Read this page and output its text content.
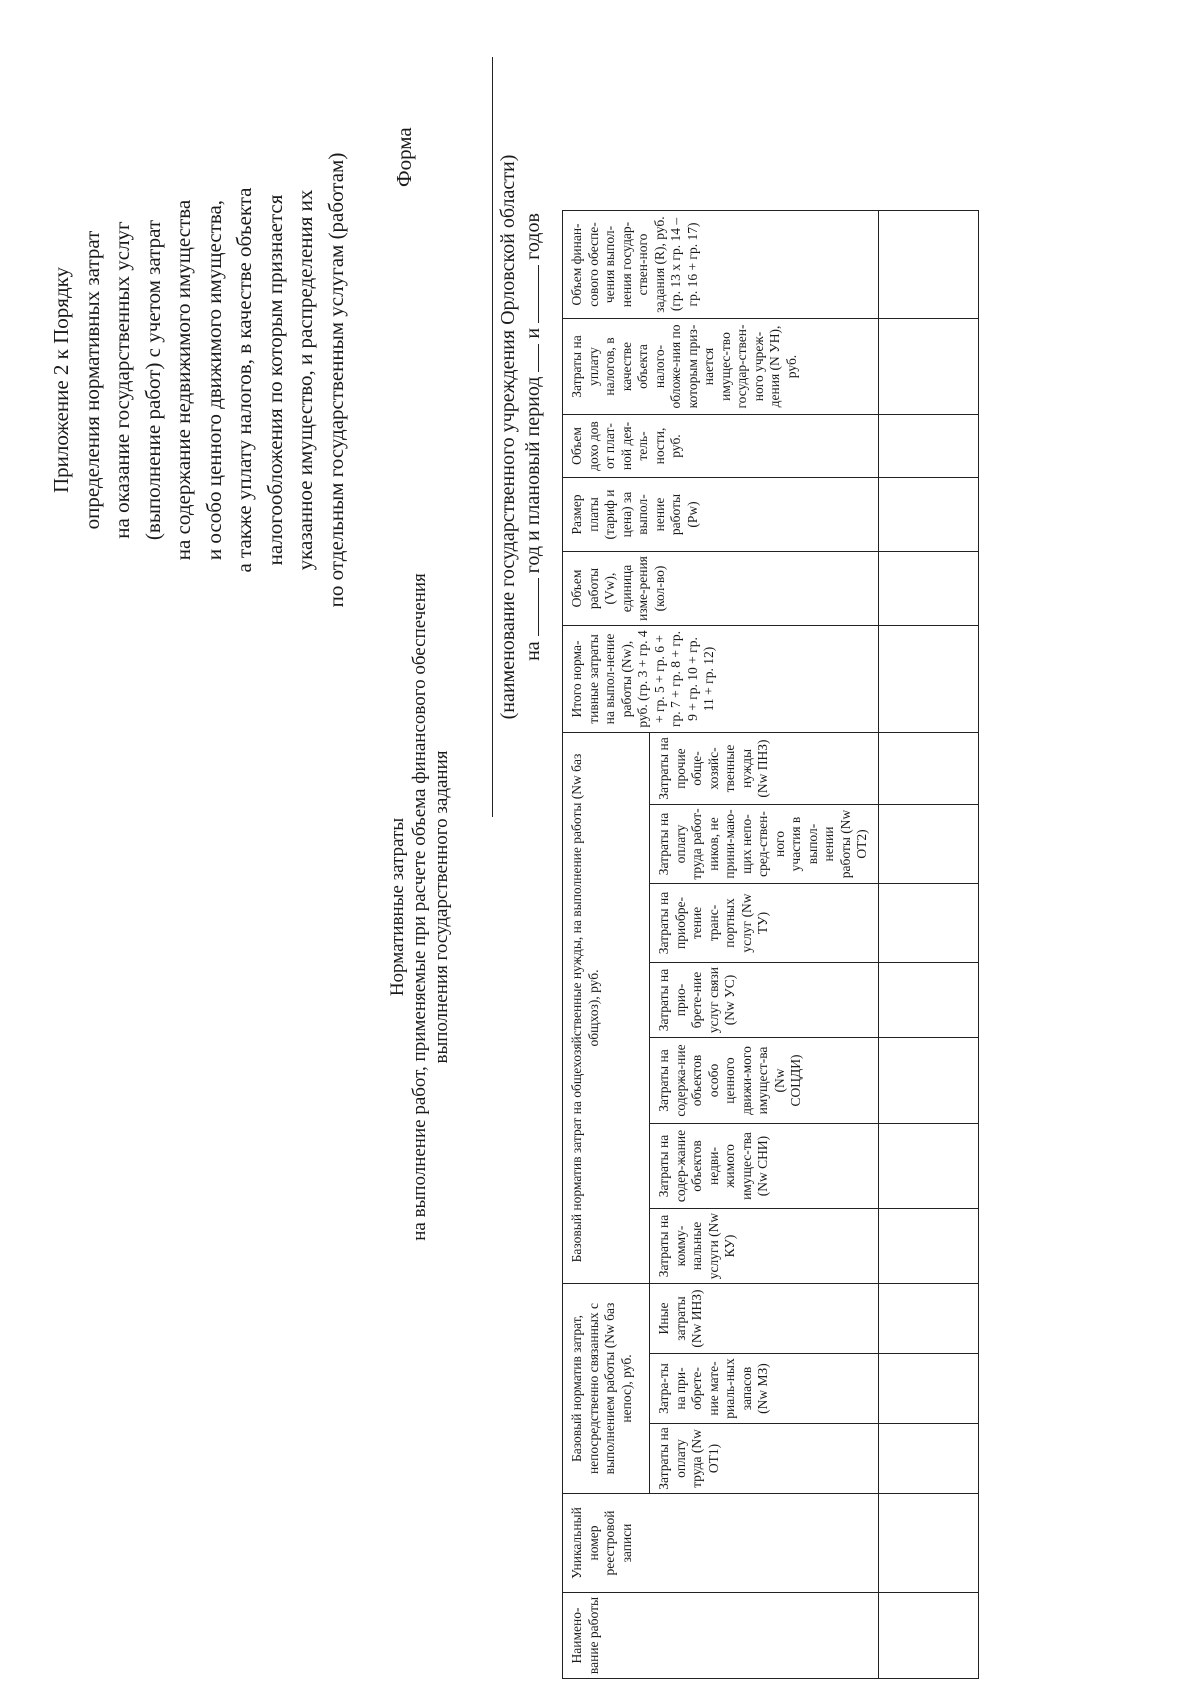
Приложение 2 к Порядку определения нормативных затрат на оказание государственных услуг (выполнение работ) с учетом затрат на содержание недвижимого имущества и особо ценного движимого имущества, а также уплату налогов, в качестве объекта налогообложения по которым признается указанное имущество, и распределения их по отдельным государственным услугам (работам) Форма
Нормативные затраты на выполнение работ, применяемые при расчете объема финансового обеспечения выполнения государственного задания
(наименование государственного учреждения Орловской области) на  год и плановый период  и  годов
Наимено-вание работы	Уникальный номер реестровой записи	Базовый норматив затрат, непосредственно связанных с выполнением работы (Nw баз непос), руб.			Базовый норматив затрат на общехозяйственные нужды, на выполнение работы (Nw баз общхоз), руб.							Итого норма-тивные затраты на выпол-нение работы (Nw), руб. (гр. 3 + гр. 4 + гр. 5 + гр. 6 + гр. 7 + гр. 8 + гр. 9 + гр. 10 + гр. 11 + гр. 12)	Объем работы (Vw), единица изме-рения (кол-во)	Размер платы (тариф и цена) за выпол-нение работы (Pw)	Объем дохо дов от плат-ной дея-тель-ности, руб.	Затраты на уплату налогов, в качестве объекта налого-обложе-ния по которым приз-нается имущес-тво государ-ствен-ного учреж-дения (N УН), руб.	Объем финан-сового обеспе-чения выпол-нения государ-ствен-ного задания (R), руб. (гр. 13 х гр. 14 – гр. 16 + гр. 17)
		Затраты на оплату труда (Nw ОТ1)	Затра-ты на при-обрете-ние мате-риаль-ных запасов (Nw МЗ)	Иные затраты (Nw ИНЗ)	Затраты на комму-нальные услуги (Nw КУ)	Затраты на содер-жание объектов недви-жимого имущес-тва (Nw СНИ)	Затраты на содержа-ние объектов особо ценного движи-мого имущест-ва (Nw СОЦДИ)	Затраты на прио-брете-ние услуг связи (Nw УС)	Затраты на приобре-тение транс-портных услуг (Nw ТУ)	Затраты на оплату труда работ-ников, не прини-маю-щих непо-сред-ствен-ного участия в выпол-нении работы (Nw ОТ2)	Затраты на прочие обще-хозяйс-твенные нужды (Nw ПНЗ)						
